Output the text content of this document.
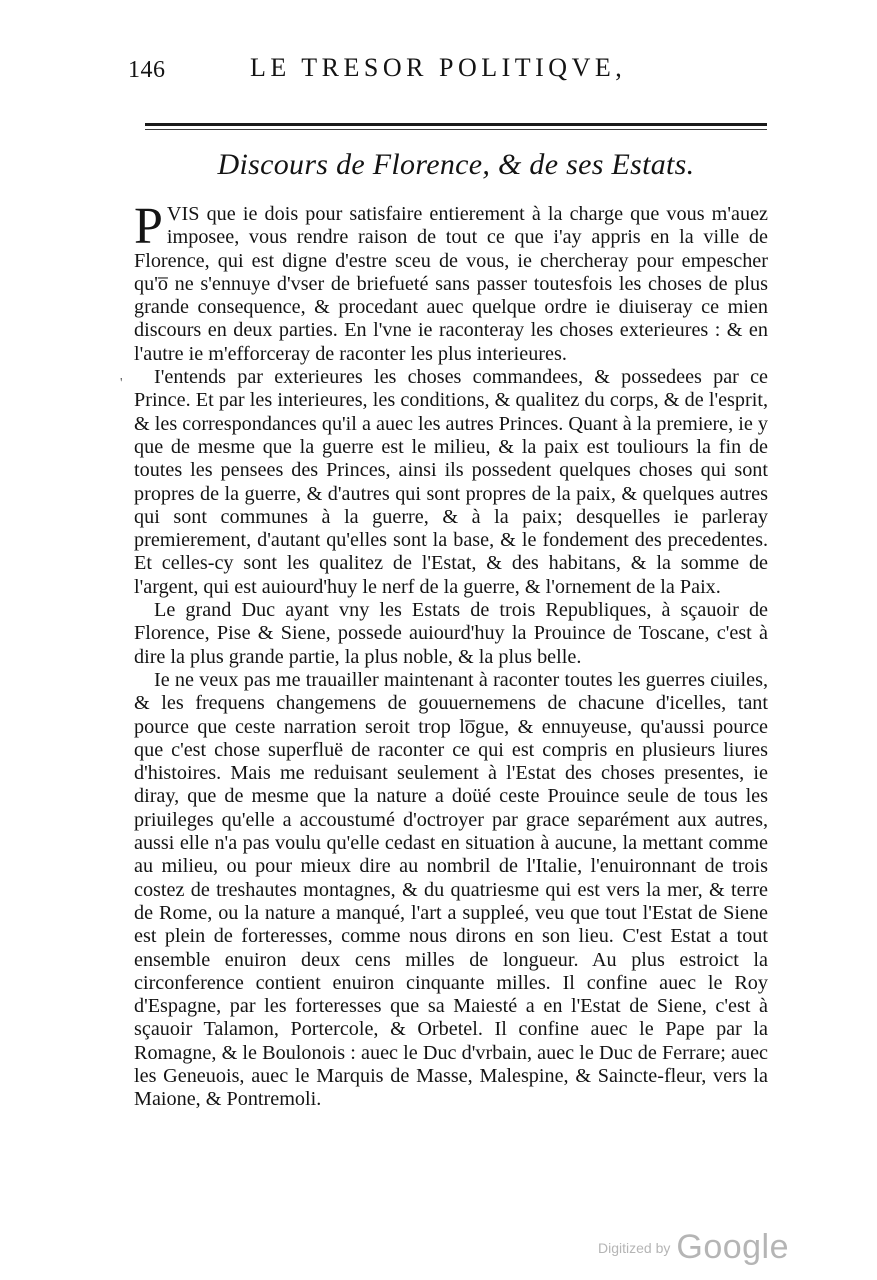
146	LE TRESOR POLITIQVE,
Discours de Florence, & de ses Estats.
'

PVIS que ie dois pour satisfaire entierement à la charge que vous m'auez imposee, vous rendre raison de tout ce que i'ay appris en la ville de Florence, qui est digne d'estre sceu de vous, ie chercheray pour empescher qu'o̅ ne s'ennuye d'vser de briefueté sans passer toutesfois les choses de plus grande consequence, & procedant auec quelque ordre ie diuiseray ce mien discours en deux parties. En l'vne ie raconteray les choses exterieures : & en l'autre ie m'efforceray de raconter les plus interieures.

I'entends par exterieures les choses commandees, & possedees par ce Prince. Et par les interieures, les conditions, & qualitez du corps, & de l'esprit, & les correspondances qu'il a auec les autres Princes. Quant à la premiere, ie y que de mesme que la guerre est le milieu, & la paix est touliours la fin de toutes les pensees des Princes, ainsi ils possedent quelques choses qui sont propres de la guerre, & d'autres qui sont propres de la paix, & quelques autres qui sont communes à la guerre, & à la paix; desquelles ie parleray premierement, d'autant qu'elles sont la base, & le fondement des precedentes. Et celles-cy sont les qualitez de l'Estat, & des habitans, & la somme de l'argent, qui est auiourd'huy le nerf de la guerre, & l'ornement de la Paix.

Le grand Duc ayant vny les Estats de trois Republiques, à sçauoir de Florence, Pise & Siene, possede auiourd'huy la Prouince de Toscane, c'est à dire la plus grande partie, la plus noble, & la plus belle.

Ie ne veux pas me trauailler maintenant à raconter toutes les guerres ciuiles, & les frequens changemens de gouuernemens de chacune d'icelles, tant pource que ceste narration seroit trop lo̅gue, & ennuyeuse, qu'aussi pource que c'est chose superfluë de raconter ce qui est compris en plusieurs liures d'histoires. Mais me reduisant seulement à l'Estat des choses presentes, ie diray, que de mesme que la nature a doüé ceste Prouince seule de tous les priuileges qu'elle a accoustumé d'octroyer par grace separément aux autres, aussi elle n'a pas voulu qu'elle cedast en situation à aucune, la mettant comme au milieu, ou pour mieux dire au nombril de l'Italie, l'enuironnant de trois costez de treshautes montagnes, & du quatriesme qui est vers la mer, & terre de Rome, ou la nature a manqué, l'art a suppleé, veu que tout l'Estat de Siene est plein de forteresses, comme nous dirons en son lieu. C'est Estat a tout ensemble enuiron deux cens milles de longueur. Au plus estroict la circonference contient enuiron cinquante milles. Il confine auec le Roy d'Espagne, par les forteresses que sa Maiesté a en l'Estat de Siene, c'est à sçauoir Talamon, Portercole, & Orbetel. Il confine auec le Pape par la Romagne, & le Boulonois : auec le Duc d'vrbain, auec le Duc de Ferrare; auec les Geneuois, auec le Marquis de Masse, Malespine, & Saincte-fleur, vers la Maione, & Pontremoli.

Digitized by Google
